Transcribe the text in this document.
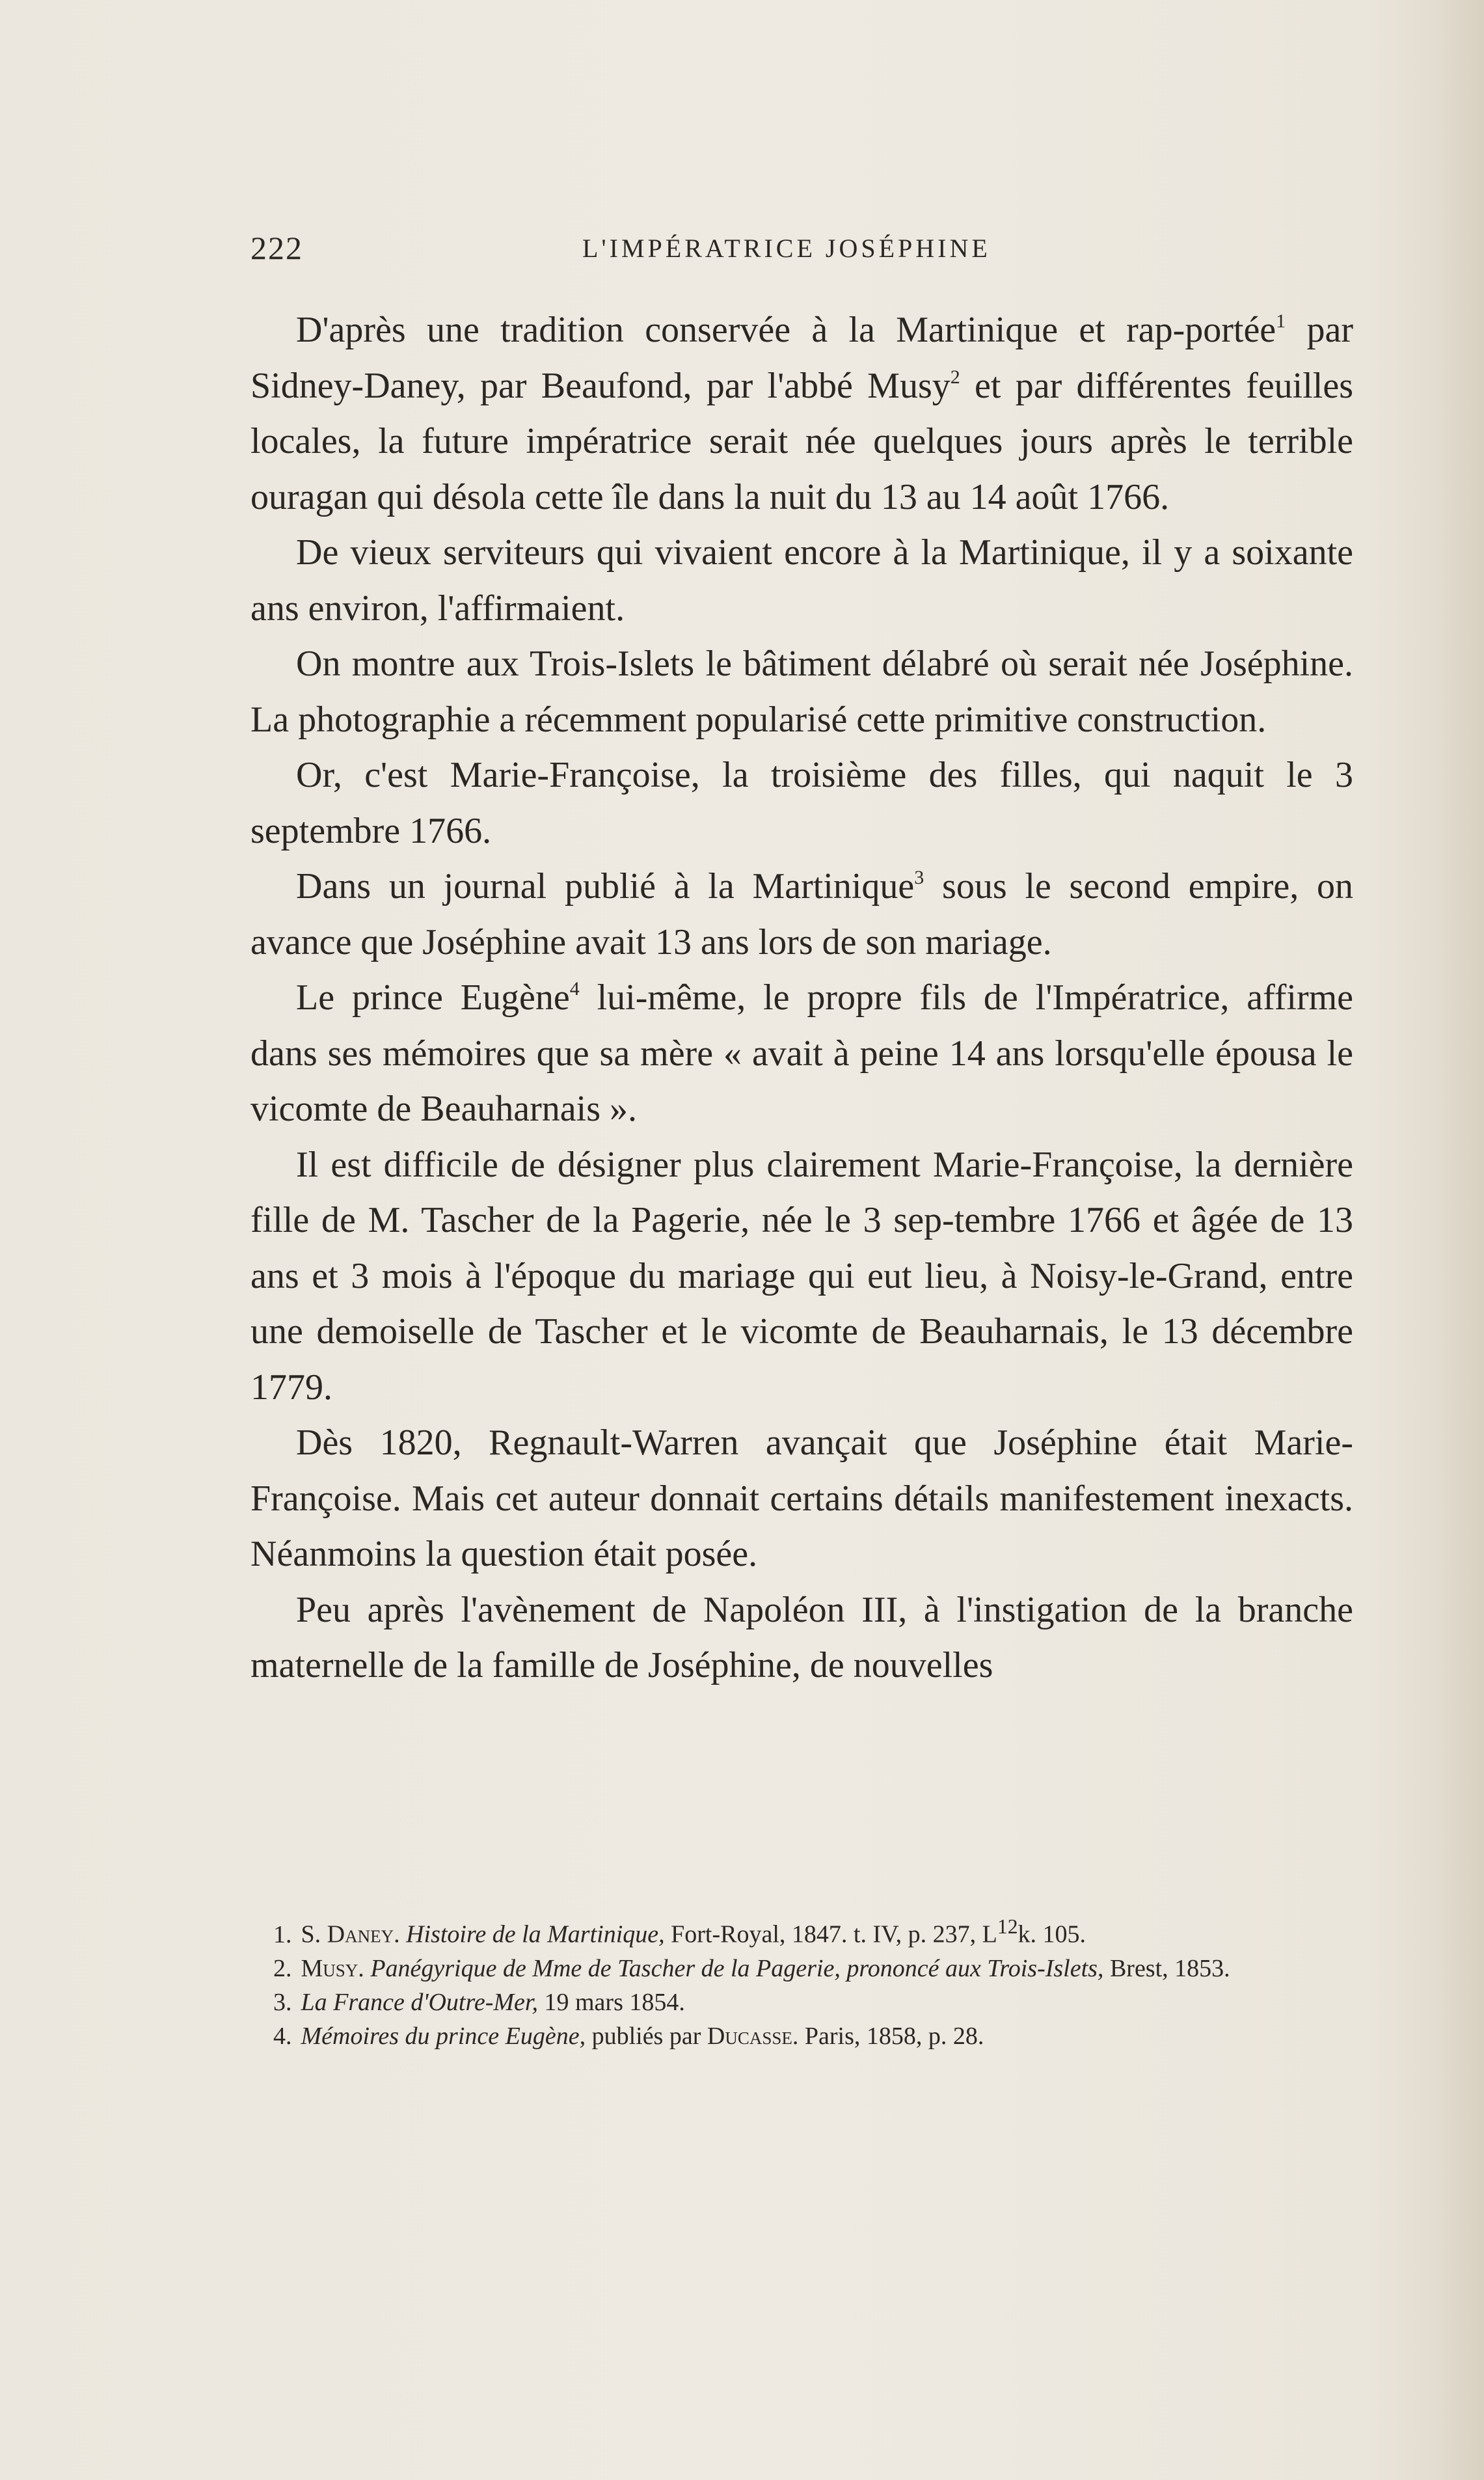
222	L'IMPÉRATRICE JOSÉPHINE

D'après une tradition conservée à la Martinique et rap-portée$^1$ par Sidney-Daney, par Beaufond, par l'abbé Musy$^2$ et par différentes feuilles locales, la future impératrice serait née quelques jours après le terrible ouragan qui désola cette île dans la nuit du 13 au 14 août 1766.

De vieux serviteurs qui vivaient encore à la Martinique, il y a soixante ans environ, l'affirmaient.

On montre aux Trois-Islets le bâtiment délabré où serait née Joséphine. La photographie a récemment popularisé cette primitive construction.

Or, c'est Marie-Françoise, la troisième des filles, qui naquit le 3 septembre 1766.

Dans un journal publié à la Martinique$^3$ sous le second empire, on avance que Joséphine avait 13 ans lors de son mariage.

Le prince Eugène$^4$ lui-même, le propre fils de l'Impératrice, affirme dans ses mémoires que sa mère « avait à peine 14 ans lorsqu'elle épousa le vicomte de Beauharnais ».

Il est difficile de désigner plus clairement Marie-Françoise, la dernière fille de M. Tascher de la Pagerie, née le 3 sep-tembre 1766 et âgée de 13 ans et 3 mois à l'époque du mariage qui eut lieu, à Noisy-le-Grand, entre une demoiselle de Tascher et le vicomte de Beauharnais, le 13 décembre 1779.

Dès 1820, Regnault-Warren avançait que Joséphine était Marie-Françoise. Mais cet auteur donnait certains détails manifestement inexacts. Néanmoins la question était posée.

Peu après l'avènement de Napoléon III, à l'instigation de la branche maternelle de la famille de Joséphine, de nouvelles

1. S. Daney. Histoire de la Martinique, Fort-Royal, 1847. t. IV, p. 237, $L^{12}k$. 105.

2. Musy. Panégyrique de Mme de Tascher de la Pagerie, prononcé aux Trois-Islets, Brest, 1853.

3. La France d'Outre-Mer, 19 mars 1854.

4. Mémoires du prince Eugène, publiés par Ducasse. Paris, 1858, p. 28.
